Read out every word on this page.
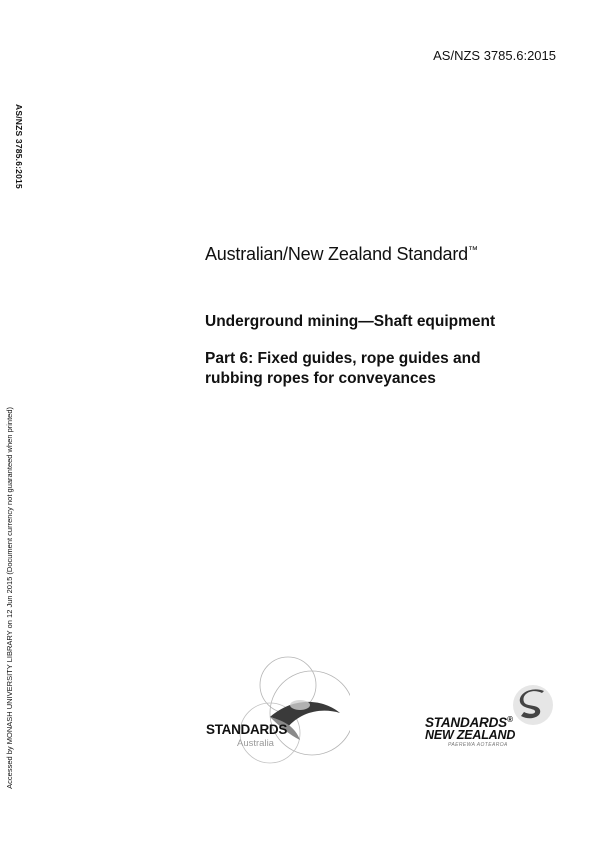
AS/NZS 3785.6:2015
AS/NZS 3785.6:2015
Accessed by MONASH UNIVERSITY LIBRARY on 12 Jun 2015 (Document currency not guaranteed when printed)
Australian/New Zealand Standard™
Underground mining—Shaft equipment
Part 6: Fixed guides, rope guides and
rubbing ropes for conveyances
STANDARDS
Australia
STANDARDS®
NEW ZEALAND
PAEREWA AOTEAROA
